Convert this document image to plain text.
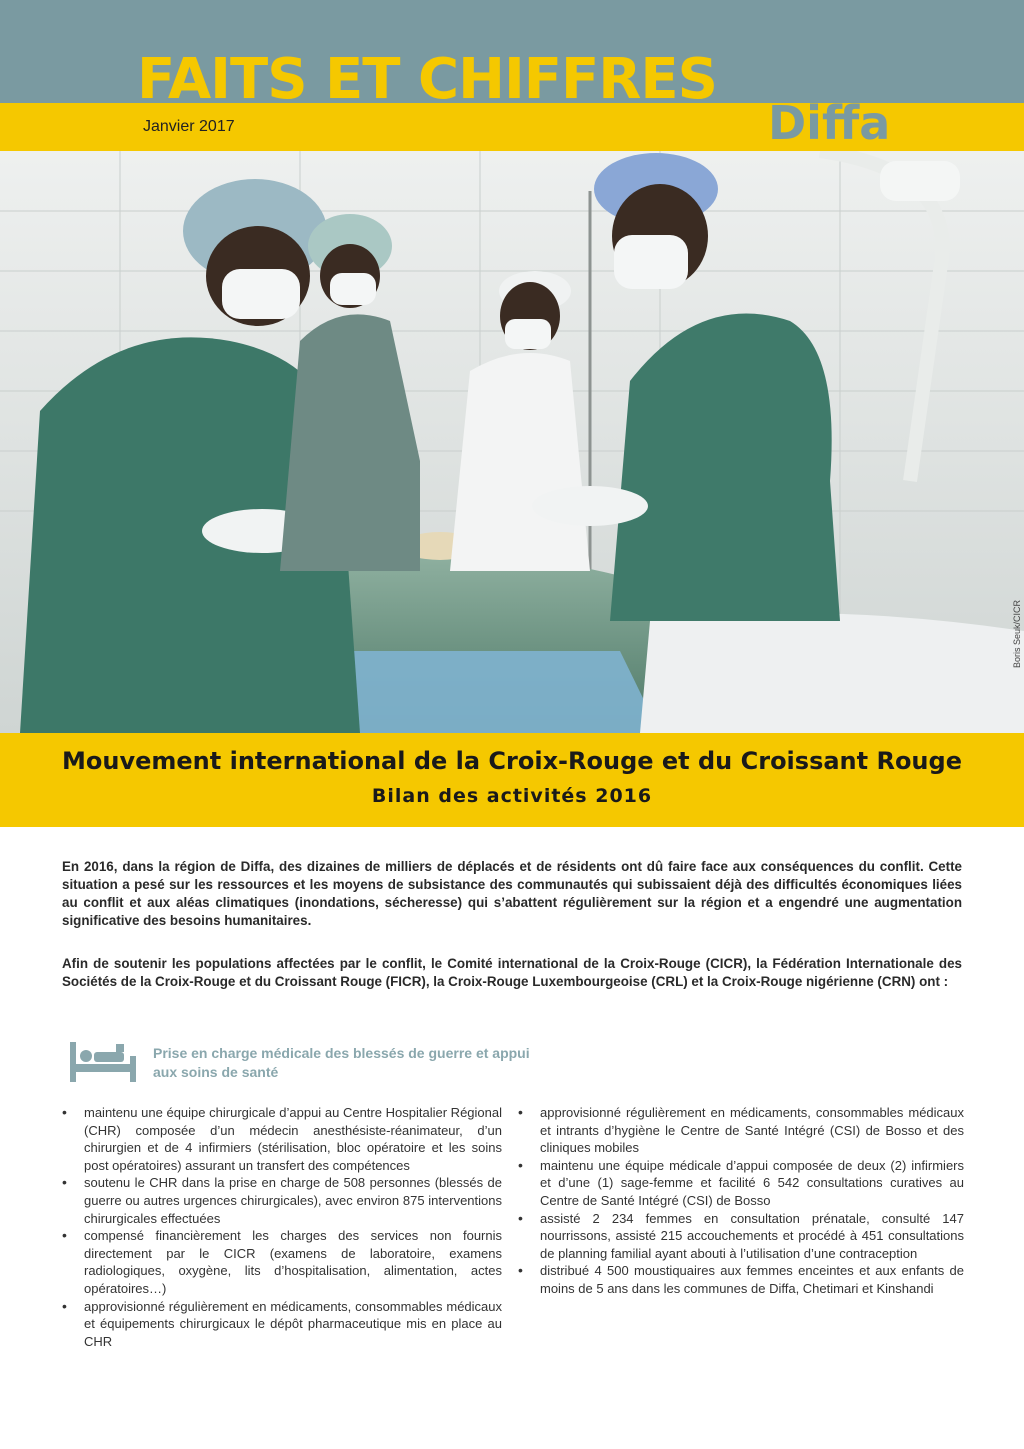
FAITS ET CHIFFRES
Diffa
Janvier 2017
Boris Seuk/CICR
Mouvement international de la Croix-Rouge et du Croissant Rouge
Bilan des activités 2016

En 2016, dans la région de Diffa, des dizaines de milliers de déplacés et de résidents ont dû faire face aux conséquences du conflit. Cette situation a pesé sur les ressources et les moyens de subsistance des communautés qui subissaient déjà des difficultés économiques liées au conflit et aux aléas climatiques (inondations, sécheresse) qui s’abattent régulièrement sur la région et a engendré une augmentation significative des besoins humanitaires.

Afin de soutenir les populations affectées par le conflit, le Comité international de la Croix-Rouge (CICR), la Fédération Internationale des Sociétés de la Croix-Rouge et du Croissant Rouge (FICR), la Croix-Rouge Luxembourgeoise (CRL) et la Croix-Rouge nigérienne (CRN) ont :

Prise en charge médicale des blessés de guerre et appui aux soins de santé

• maintenu une équipe chirurgicale d’appui au Centre Hospitalier Régional (CHR) composée d’un médecin anesthésiste-réanimateur, d’un chirurgien et de 4 infirmiers (stérilisation, bloc opératoire et les soins post opératoires) assurant un transfert des compétences
• soutenu le CHR dans la prise en charge de 508 personnes (blessés de guerre ou autres urgences chirurgicales), avec environ 875 interventions chirurgicales effectuées
• compensé financièrement les charges des services non fournis directement par le CICR (examens de laboratoire, examens radiologiques, oxygène, lits d’hospitalisation, alimentation, actes opératoires…)
• approvisionné régulièrement en médicaments, consommables médicaux et équipements chirurgicaux le dépôt pharmaceutique mis en place au CHR
• approvisionné régulièrement en médicaments, consommables médicaux et intrants d’hygiène le Centre de Santé Intégré (CSI) de Bosso et des cliniques mobiles
• maintenu une équipe médicale d’appui composée de deux (2) infirmiers et d’une (1) sage-femme et facilité 6 542 consultations curatives au Centre de Santé Intégré (CSI) de Bosso
• assisté 2 234 femmes en consultation prénatale, consulté 147 nourrissons, assisté 215 accouchements et procédé à 451 consultations de planning familial ayant abouti à l’utilisation d’une contraception
• distribué 4 500 moustiquaires aux femmes enceintes et aux enfants de moins de 5 ans dans les communes de Diffa, Chetimari et Kinshandi
